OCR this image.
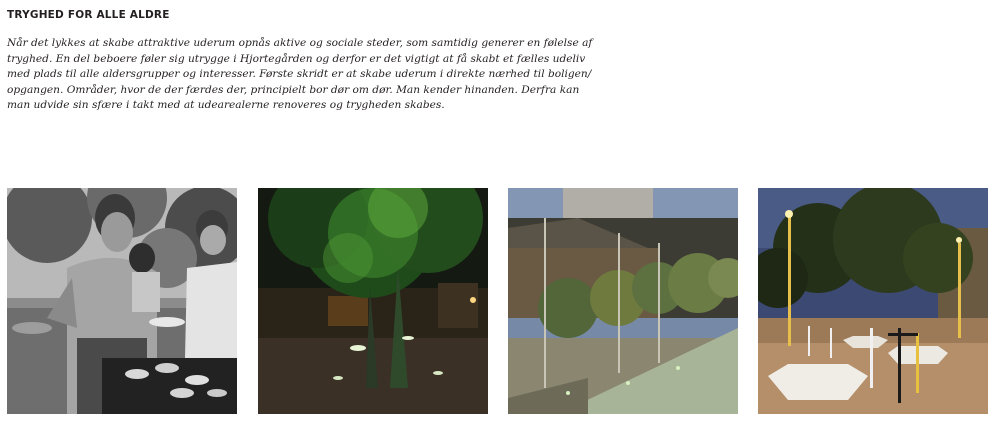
TRYGHED FOR ALLE ALDRE
Når det lykkes at skabe attraktive uderum opnås aktive og sociale steder, som samtidig generer en følelse af
tryghed. En del beboere føler sig utrygge i Hjortegården og derfor er det vigtigt at få skabt et fælles udeliv
med plads til alle aldersgrupper og interesser. Første skridt er at skabe uderum i direkte nærhed til boligen/
opgangen. Områder, hvor de der færdes der, principielt bor dør om dør. Man kender hinanden. Derfra kan
man udvide sin sfære i takt med at udearealerne renoveres og trygheden skabes.
